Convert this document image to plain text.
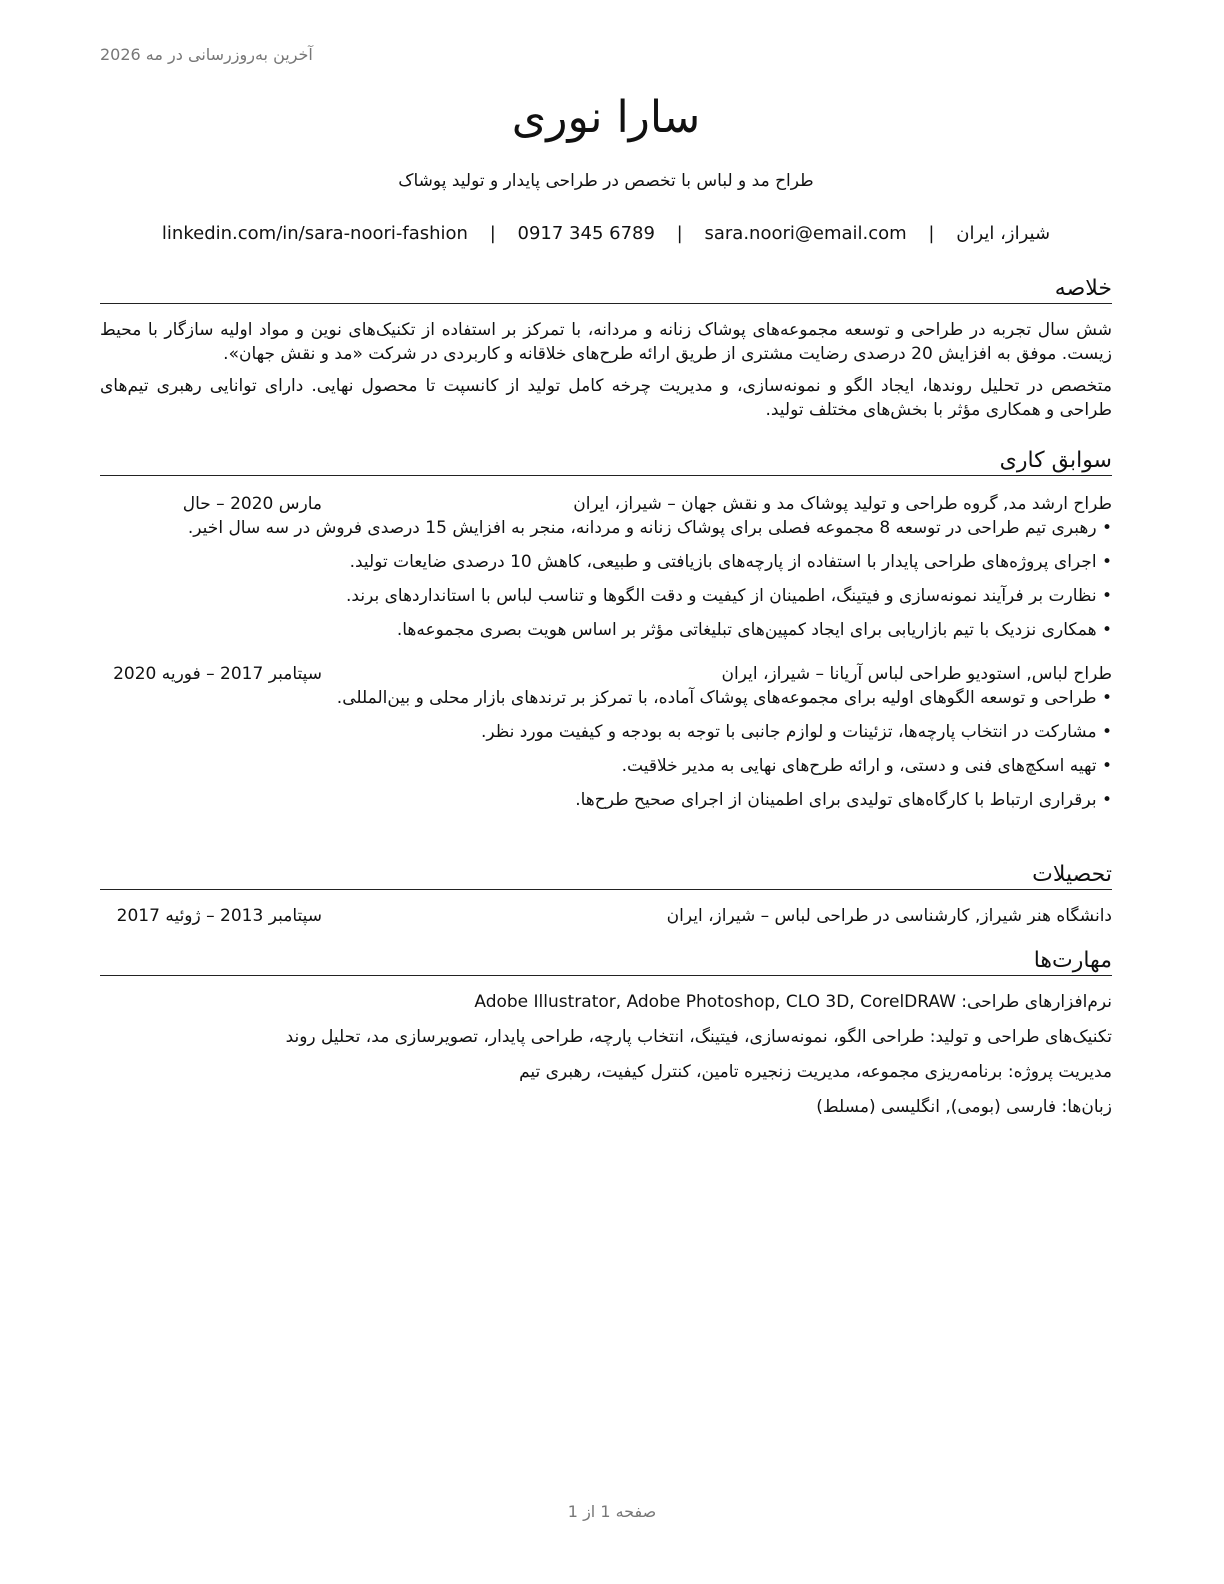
آخرین به‌روزرسانی در مه 2026
سارا نوری
طراح مد و لباس با تخصص در طراحی پایدار و تولید پوشاک
شیراز، ایران | sara.noori@email.com | 0917 345 6789 | linkedin.com/in/sara-noori-fashion
خلاصه

شش سال تجربه در طراحی و توسعه مجموعه‌های پوشاک زنانه و مردانه، با تمرکز بر استفاده از تکنیک‌های نوین و مواد اولیه سازگار با محیط زیست. موفق به افزایش 20 درصدی رضایت مشتری از طریق ارائه طرح‌های خلاقانه و کاربردی در شرکت «مد و نقش جهان».

متخصص در تحلیل روندها، ایجاد الگو و نمونه‌سازی، و مدیریت چرخه کامل تولید از کانسپت تا محصول نهایی. دارای توانایی رهبری تیم‌های طراحی و همکاری مؤثر با بخش‌های مختلف تولید.

سوابق کاری
طراح ارشد مد, گروه طراحی و تولید پوشاک مد و نقش جهان – شیراز، ایران
مارس 2020 – حال
• رهبری تیم طراحی در توسعه 8 مجموعه فصلی برای پوشاک زنانه و مردانه، منجر به افزایش 15 درصدی فروش در سه سال اخیر.
• اجرای پروژه‌های طراحی پایدار با استفاده از پارچه‌های بازیافتی و طبیعی، کاهش 10 درصدی ضایعات تولید.
• نظارت بر فرآیند نمونه‌سازی و فیتینگ، اطمینان از کیفیت و دقت الگوها و تناسب لباس با استانداردهای برند.
• همکاری نزدیک با تیم بازاریابی برای ایجاد کمپین‌های تبلیغاتی مؤثر بر اساس هویت بصری مجموعه‌ها.
طراح لباس, استودیو طراحی لباس آریانا – شیراز، ایران
سپتامبر 2017 – فوریه 2020
• طراحی و توسعه الگوهای اولیه برای مجموعه‌های پوشاک آماده، با تمرکز بر ترندهای بازار محلی و بین‌المللی.
• مشارکت در انتخاب پارچه‌ها، تزئینات و لوازم جانبی با توجه به بودجه و کیفیت مورد نظر.
• تهیه اسکچ‌های فنی و دستی، و ارائه طرح‌های نهایی به مدیر خلاقیت.
• برقراری ارتباط با کارگاه‌های تولیدی برای اطمینان از اجرای صحیح طرح‌ها.
تحصیلات
دانشگاه هنر شیراز, کارشناسی در طراحی لباس – شیراز، ایران
سپتامبر 2013 – ژوئیه 2017
مهارت‌ها
نرم‌افزارهای طراحی: Adobe Illustrator, Adobe Photoshop, CLO 3D, CorelDRAW
تکنیک‌های طراحی و تولید: طراحی الگو، نمونه‌سازی، فیتینگ، انتخاب پارچه، طراحی پایدار، تصویرسازی مد، تحلیل روند
مدیریت پروژه: برنامه‌ریزی مجموعه، مدیریت زنجیره تامین، کنترل کیفیت، رهبری تیم
زبان‌ها: فارسی (بومی), انگلیسی (مسلط)
صفحه 1 از 1
